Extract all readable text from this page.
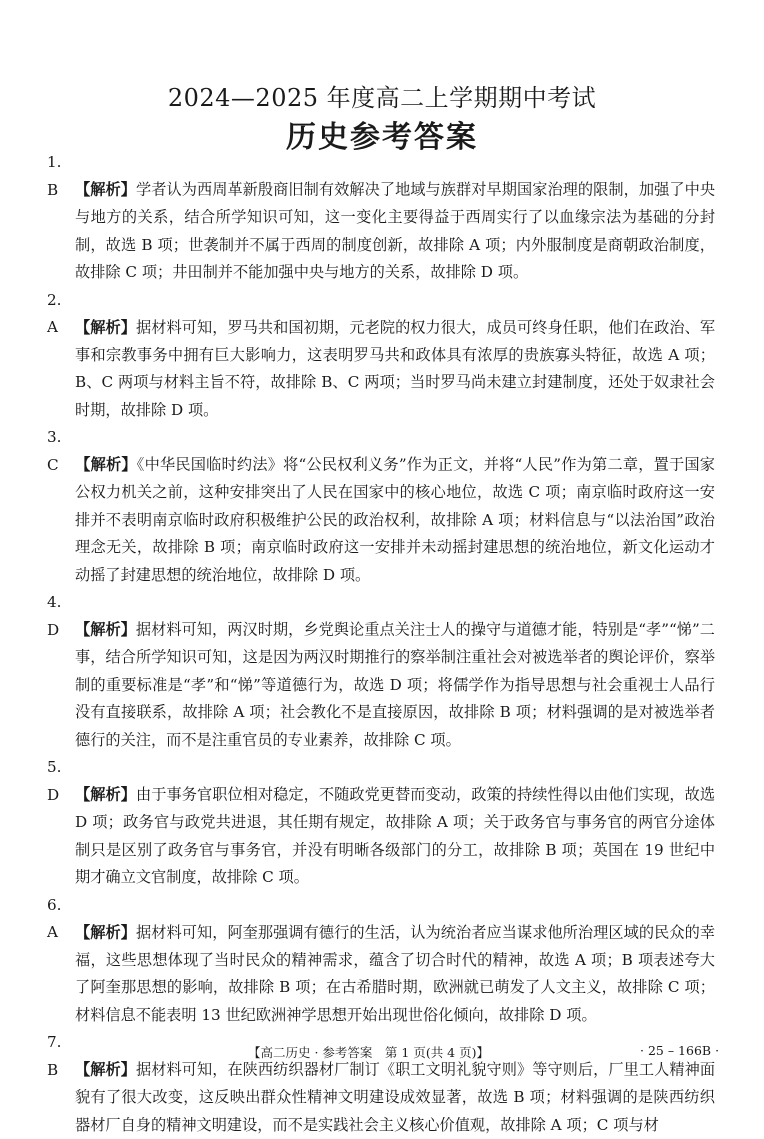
2024—2025 年度高二上学期期中考试
历史参考答案

1. B 【解析】学者认为西周革新殷商旧制有效解决了地域与族群对早期国家治理的限制，加强了中央与地方的关系，结合所学知识可知，这一变化主要得益于西周实行了以血缘宗法为基础的分封制，故选 B 项；世袭制并不属于西周的制度创新，故排除 A 项；内外服制度是商朝政治制度，故排除 C 项；井田制并不能加强中央与地方的关系，故排除 D 项。

2. A 【解析】据材料可知，罗马共和国初期，元老院的权力很大，成员可终身任职，他们在政治、军事和宗教事务中拥有巨大影响力，这表明罗马共和政体具有浓厚的贵族寡头特征，故选 A 项；B、C 两项与材料主旨不符，故排除 B、C 两项；当时罗马尚未建立封建制度，还处于奴隶社会时期，故排除 D 项。

3. C 【解析】《中华民国临时约法》将“公民权利义务”作为正文，并将“人民”作为第二章，置于国家公权力机关之前，这种安排突出了人民在国家中的核心地位，故选 C 项；南京临时政府这一安排并不表明南京临时政府积极维护公民的政治权利，故排除 A 项；材料信息与“以法治国”政治理念无关，故排除 B 项；南京临时政府这一安排并未动摇封建思想的统治地位，新文化运动才动摇了封建思想的统治地位，故排除 D 项。

4. D 【解析】据材料可知，两汉时期，乡党舆论重点关注士人的操守与道德才能，特别是“孝”“悌”二事，结合所学知识可知，这是因为两汉时期推行的察举制注重社会对被选举者的舆论评价，察举制的重要标准是“孝”和“悌”等道德行为，故选 D 项；将儒学作为指导思想与社会重视士人品行没有直接联系，故排除 A 项；社会教化不是直接原因，故排除 B 项；材料强调的是对被选举者德行的关注，而不是注重官员的专业素养，故排除 C 项。

5. D 【解析】由于事务官职位相对稳定，不随政党更替而变动，政策的持续性得以由他们实现，故选 D 项；政务官与政党共进退，其任期有规定，故排除 A 项；关于政务官与事务官的两官分途体制只是区别了政务官与事务官，并没有明晰各级部门的分工，故排除 B 项；英国在 19 世纪中期才确立文官制度，故排除 C 项。

6. A 【解析】据材料可知，阿奎那强调有德行的生活，认为统治者应当谋求他所治理区域的民众的幸福，这些思想体现了当时民众的精神需求，蕴含了切合时代的精神，故选 A 项；B 项表述夸大了阿奎那思想的影响，故排除 B 项；在古希腊时期，欧洲就已萌发了人文主义，故排除 C 项；材料信息不能表明 13 世纪欧洲神学思想开始出现世俗化倾向，故排除 D 项。

7. B 【解析】据材料可知，在陕西纺织器材厂制订《职工文明礼貌守则》等守则后，厂里工人精神面貌有了很大改变，这反映出群众性精神文明建设成效显著，故选 B 项；材料强调的是陕西纺织器材厂自身的精神文明建设，而不是实践社会主义核心价值观，故排除 A 项；C 项与材

【高二历史 · 参考答案　第 1 页(共 4 页)】	· 25 – 166B ·
